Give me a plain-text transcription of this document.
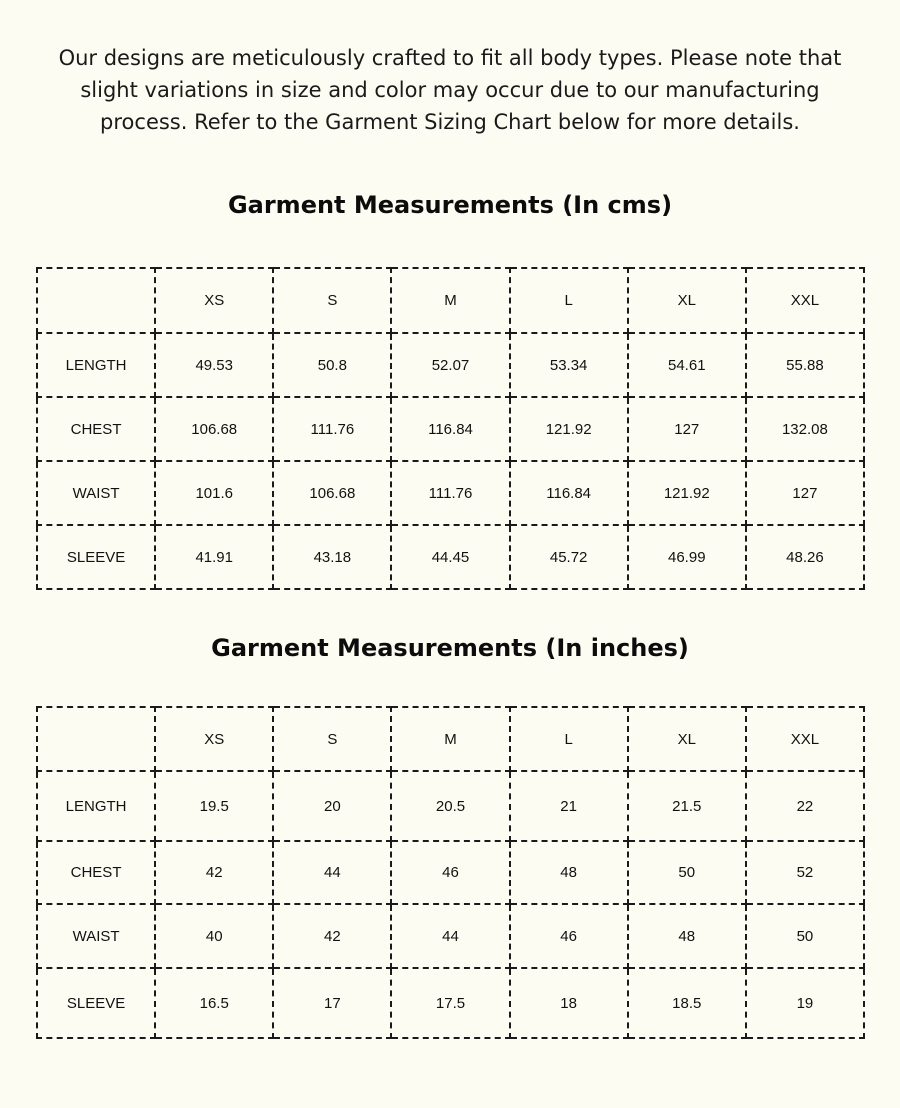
Our designs are meticulously crafted to fit all body types. Please note that slight variations in size and color may occur due to our manufacturing process. Refer to the Garment Sizing Chart below for more details.

Garment Measurements (In cms)
	XS	S	M	L	XL	XXL
LENGTH	49.53	50.8	52.07	53.34	54.61	55.88
CHEST	106.68	111.76	116.84	121.92	127	132.08
WAIST	101.6	106.68	111.76	116.84	121.92	127
SLEEVE	41.91	43.18	44.45	45.72	46.99	48.26
Garment Measurements (In inches)
	XS	S	M	L	XL	XXL
LENGTH	19.5	20	20.5	21	21.5	22
CHEST	42	44	46	48	50	52
WAIST	40	42	44	46	48	50
SLEEVE	16.5	17	17.5	18	18.5	19
